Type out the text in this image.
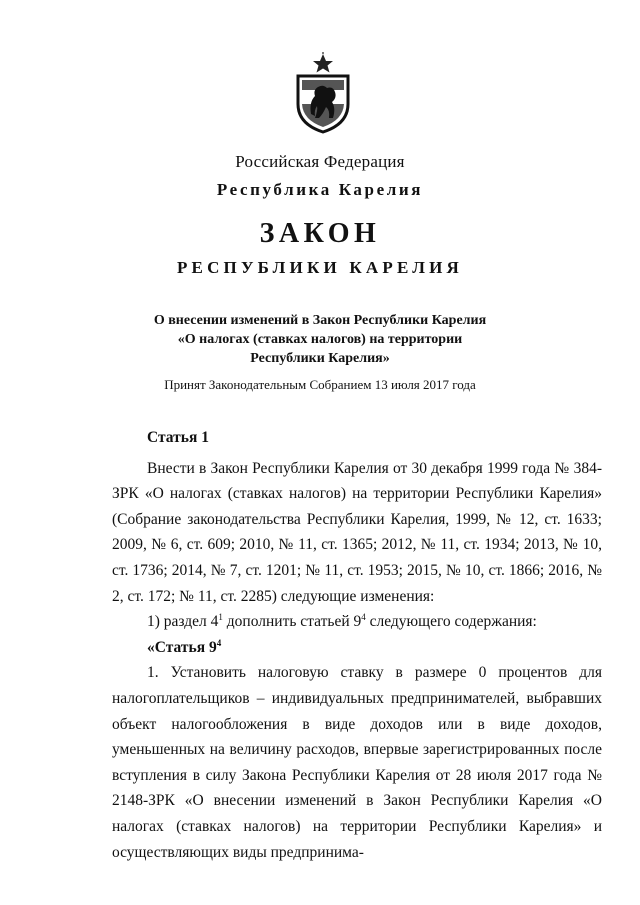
Российская Федерация
Республика Карелия
ЗАКОН
РЕСПУБЛИКИ КАРЕЛИЯ
О внесении изменений в Закон Республики Карелия
«О налогах (ставках налогов) на территории
Республики Карелия»
Принят Законодательным Собранием 13 июля 2017 года

Статья 1

Внести в Закон Республики Карелия от 30 декабря 1999 года № 384-ЗРК «О налогах (ставках налогов) на территории Республики Карелия» (Собрание законодательства Республики Карелия, 1999, № 12, ст. 1633; 2009, № 6, ст. 609; 2010, № 11, ст. 1365; 2012, № 11, ст. 1934; 2013, № 10, ст. 1736; 2014, № 7, ст. 1201; № 11, ст. 1953; 2015, № 10, ст. 1866; 2016, № 2, ст. 172; № 11, ст. 2285) следующие изменения:

1) раздел $4^1$ дополнить статьей $9^4$ следующего содержания:

«Статья $9^4$

1. Установить налоговую ставку в размере 0 процентов для налогоплательщиков – индивидуальных предпринимателей, выбравших объект налогообложения в виде доходов или в виде доходов, уменьшенных на величину расходов, впервые зарегистрированных после вступления в силу Закона Республики Карелия от 28 июля 2017 года № 2148-ЗРК «О внесении изменений в Закон Республики Карелия «О налогах (ставках налогов) на территории Республики Карелия» и осуществляющих виды предпринима-
